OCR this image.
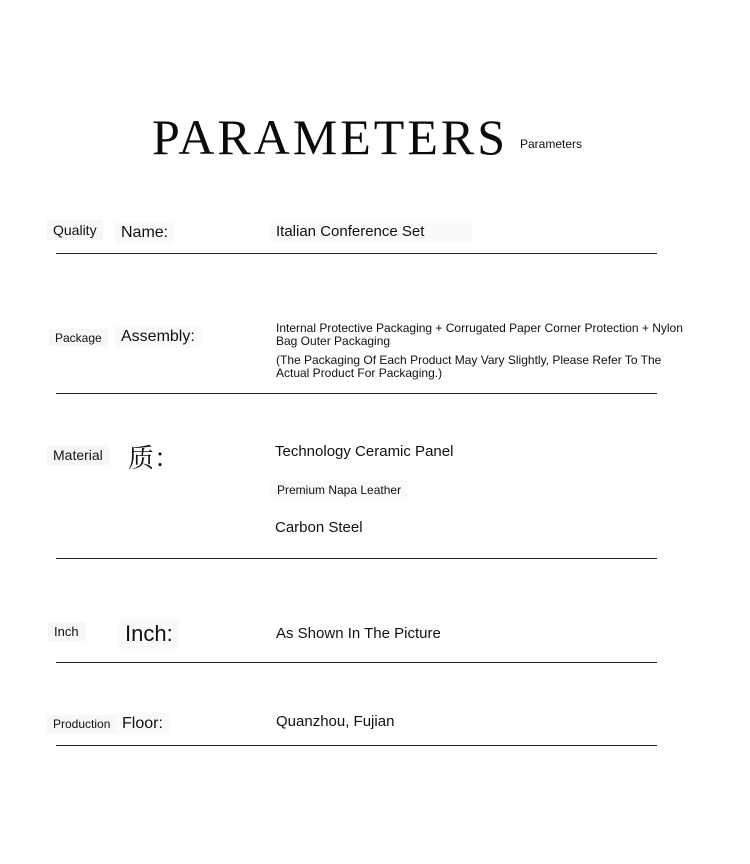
PARAMETERS Parameters
Quality	Name:	Italian Conference Set
Package	Assembly:	Internal Protective Packaging + Corrugated Paper Corner Protection + Nylon Bag Outer Packaging
(The Packaging Of Each Product May Vary Slightly, Please Refer To The Actual Product For Packaging.)
Material 质：	Technology Ceramic Panel
Premium Napa Leather
Carbon Steel
Inch Inch:	As Shown In The Picture
Production Floor:	Quanzhou, Fujian
